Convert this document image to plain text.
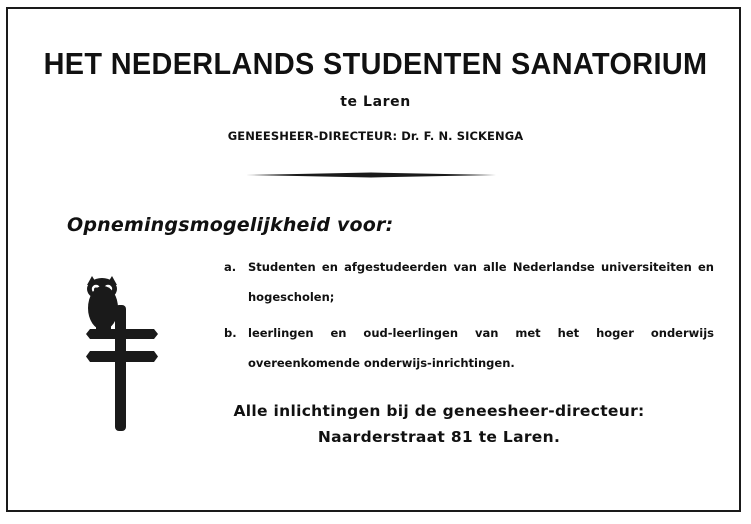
HET NEDERLANDS STUDENTEN SANATORIUM
te Laren
GENEESHEER-DIRECTEUR: Dr. F. N. SICKENGA
Opnemingsmogelijkheid voor:
a. Studenten en afgestudeerden van alle Nederlandse universiteiten en hogescholen;
b. leerlingen en oud-leerlingen van met het hoger onderwijs overeenkomende onderwijs-inrichtingen.
Alle inlichtingen bij de geneesheer-directeur:
Naarderstraat 81 te Laren.
